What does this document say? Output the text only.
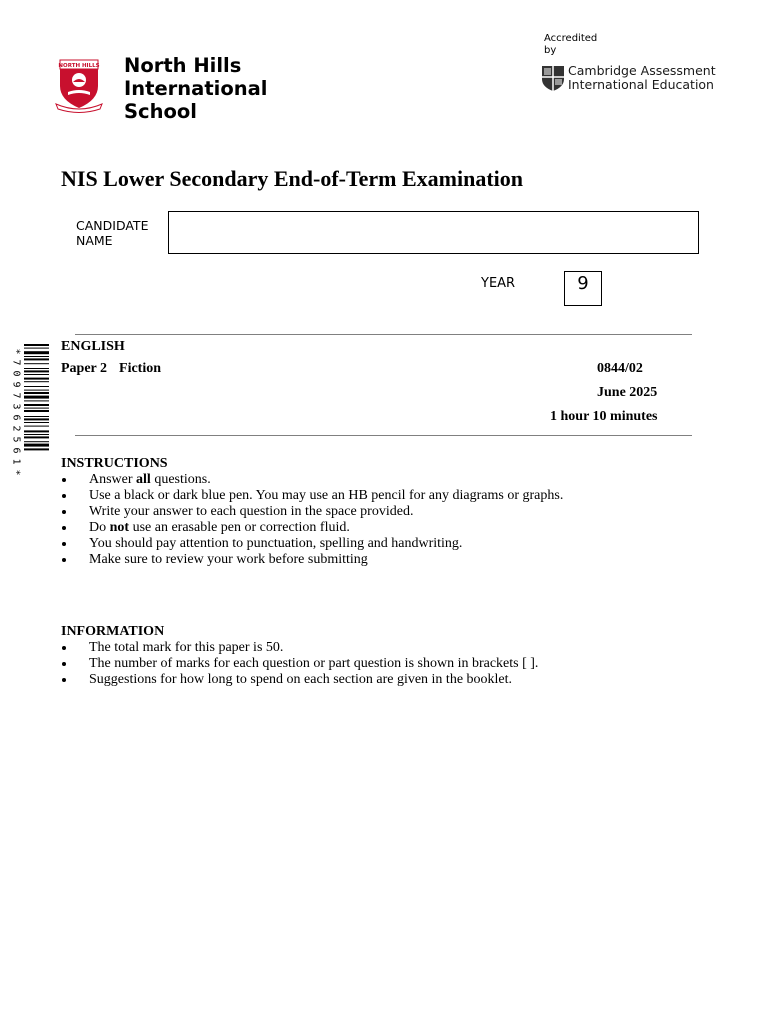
NORTH HILLS North Hills
International
School
Accredited
by
Cambridge Assessment
International Education
NIS Lower Secondary End-of-Term Examination
CANDIDATE
NAME
YEAR	9
ENGLISH
Paper 2 Fiction	0844/02
June 2025
1 hour 10 minutes
*
7
0
9
7
3
6
2
5
6
1
*
INSTRUCTIONS
Answer all questions.
Use a black or dark blue pen. You may use an HB pencil for any diagrams or graphs.
Write your answer to each question in the space provided.
Do not use an erasable pen or correction fluid.
You should pay attention to punctuation, spelling and handwriting.
Make sure to review your work before submitting
INFORMATION
The total mark for this paper is 50.
The number of marks for each question or part question is shown in brackets [ ].
Suggestions for how long to spend on each section are given in the booklet.
